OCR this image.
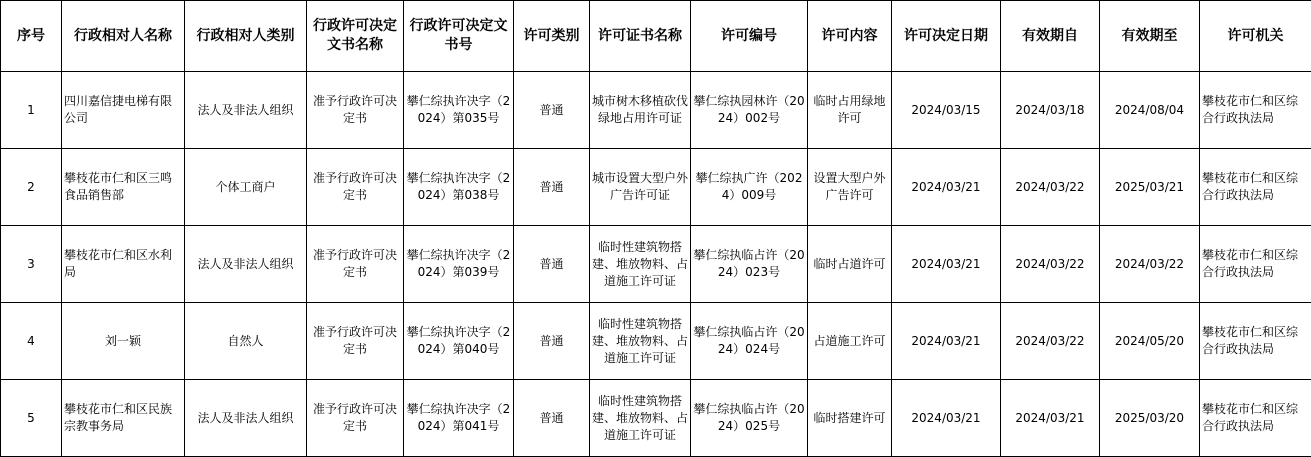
序号	行政相对人名称	行政相对人类别	行政许可决定文书名称	行政许可决定文书号	许可类别	许可证书名称	许可编号	许可内容	许可决定日期	有效期自	有效期至	许可机关
1	四川嘉信捷电梯有限公司	法人及非法人组织	准予行政许可决定书	攀仁综执许决字（2024）第035号	普通	城市树木移植砍伐绿地占用许可证	攀仁综执园林许（2024）002号	临时占用绿地许可	2024/03/15	2024/03/18	2024/08/04	攀枝花市仁和区综合行政执法局
2	攀枝花市仁和区三鸣食品销售部	个体工商户	准予行政许可决定书	攀仁综执许决字（2024）第038号	普通	城市设置大型户外广告许可证	攀仁综执广许（2024）009号	设置大型户外广告许可	2024/03/21	2024/03/22	2025/03/21	攀枝花市仁和区综合行政执法局
3	攀枝花市仁和区水利局	法人及非法人组织	准予行政许可决定书	攀仁综执许决字（2024）第039号	普通	临时性建筑物搭建、堆放物料、占道施工许可证	攀仁综执临占许（2024）023号	临时占道许可	2024/03/21	2024/03/22	2024/03/22	攀枝花市仁和区综合行政执法局
4	刘一颖	自然人	准予行政许可决定书	攀仁综执许决字（2024）第040号	普通	临时性建筑物搭建、堆放物料、占道施工许可证	攀仁综执临占许（2024）024号	占道施工许可	2024/03/21	2024/03/22	2024/05/20	攀枝花市仁和区综合行政执法局
5	攀枝花市仁和区民族宗教事务局	法人及非法人组织	准予行政许可决定书	攀仁综执许决字（2024）第041号	普通	临时性建筑物搭建、堆放物料、占道施工许可证	攀仁综执临占许（2024）025号	临时搭建许可	2024/03/21	2024/03/21	2025/03/20	攀枝花市仁和区综合行政执法局
